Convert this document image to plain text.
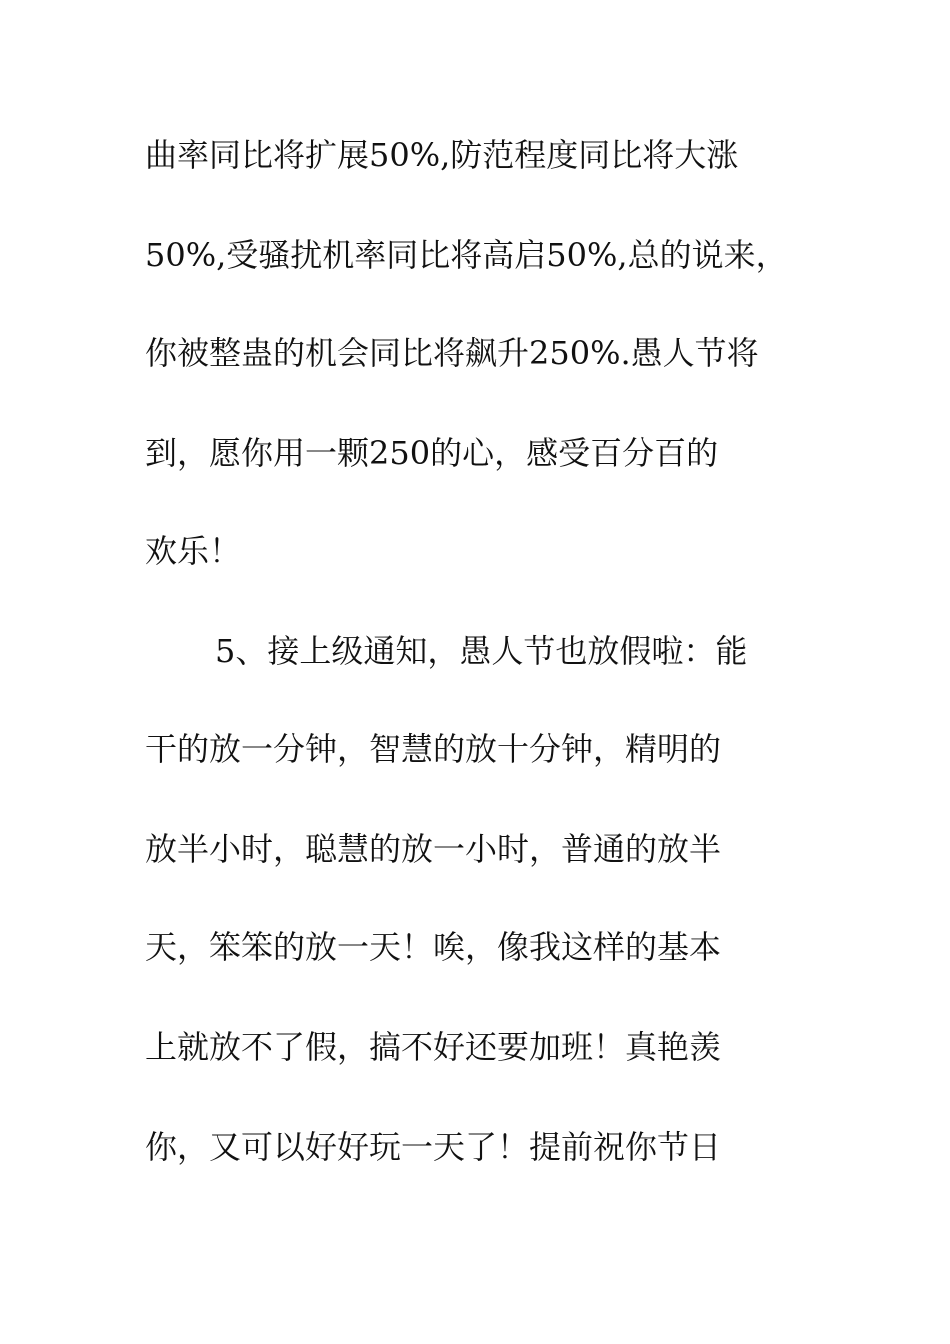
曲率同比将扩展50%,防范程度同比将大涨
50%,受骚扰机率同比将高启50%,总的说来，
你被整蛊的机会同比将飙升250%.愚人节将
到，愿你用一颗250的心，感受百分百的
欢乐！
5、接上级通知，愚人节也放假啦：能
干的放一分钟，智慧的放十分钟，精明的
放半小时，聪慧的放一小时，普通的放半
天，笨笨的放一天！唉，像我这样的基本
上就放不了假，搞不好还要加班！真艳羡
你，又可以好好玩一天了！提前祝你节日
